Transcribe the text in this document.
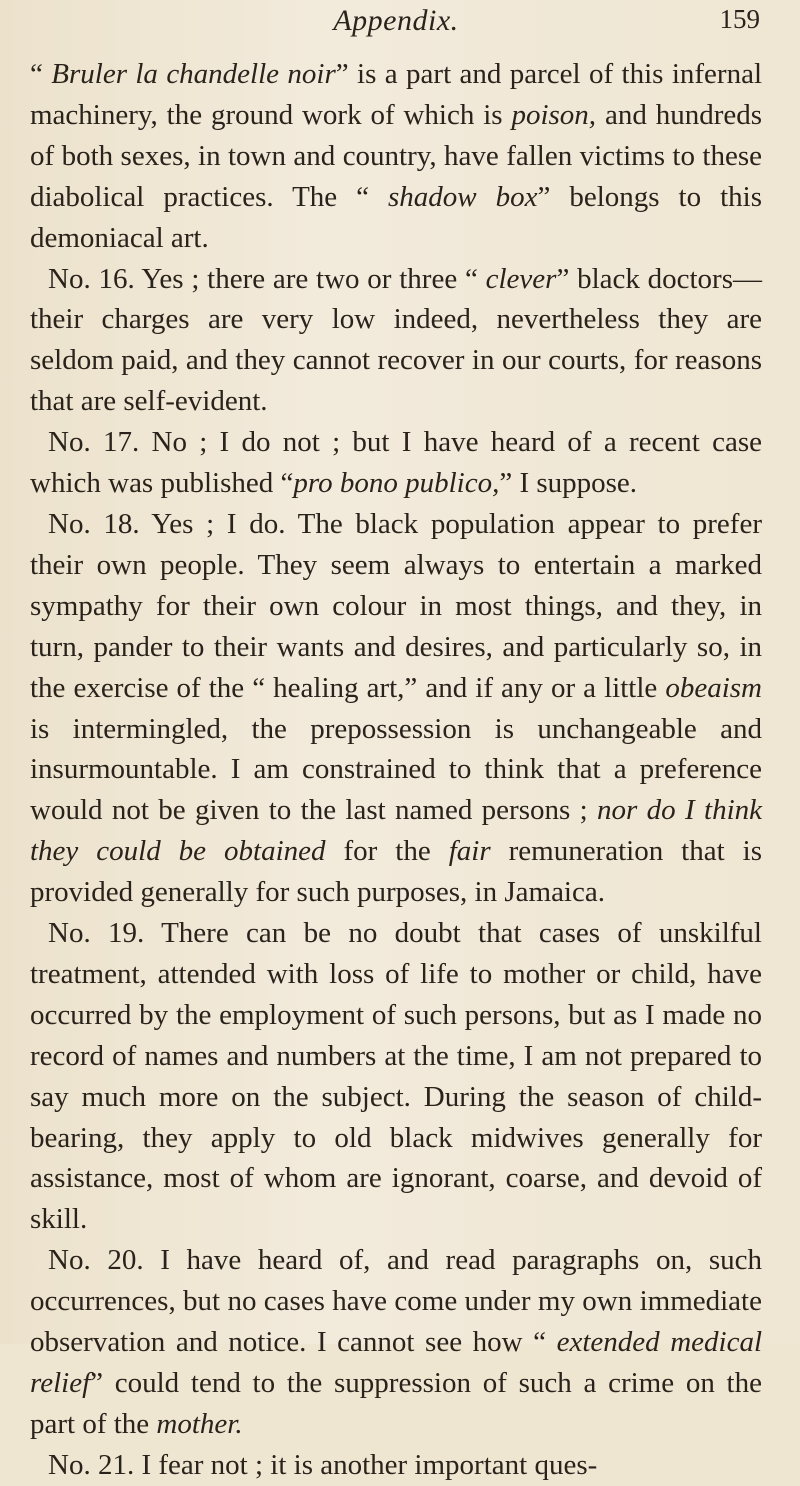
Appendix.	159

“ Bruler la chandelle noir” is a part and parcel of this infernal machinery, the ground work of which is poison, and hundreds of both sexes, in town and country, have fallen victims to these diabolical practices. The “ shadow box” belongs to this demoniacal art.

No. 16. Yes ; there are two or three “ clever” black doctors—their charges are very low indeed, nevertheless they are seldom paid, and they cannot recover in our courts, for reasons that are self-evident.

No. 17. No ; I do not ; but I have heard of a recent case which was published “pro bono publico,” I suppose.

No. 18. Yes ; I do. The black population appear to prefer their own people. They seem always to entertain a marked sympathy for their own colour in most things, and they, in turn, pander to their wants and desires, and particularly so, in the exercise of the “ healing art,” and if any or a little obeaism is intermingled, the prepossession is unchangeable and insurmountable. I am constrained to think that a preference would not be given to the last named persons ; nor do I think they could be obtained for the fair remuneration that is provided generally for such purposes, in Jamaica.

No. 19. There can be no doubt that cases of unskilful treatment, attended with loss of life to mother or child, have occurred by the employment of such persons, but as I made no record of names and numbers at the time, I am not prepared to say much more on the subject. During the season of child-bearing, they apply to old black midwives generally for assistance, most of whom are ignorant, coarse, and devoid of skill.

No. 20. I have heard of, and read paragraphs on, such occurrences, but no cases have come under my own immediate observation and notice. I cannot see how “ extended medical relief” could tend to the suppression of such a crime on the part of the mother.

No. 21. I fear not ; it is another important ques-
